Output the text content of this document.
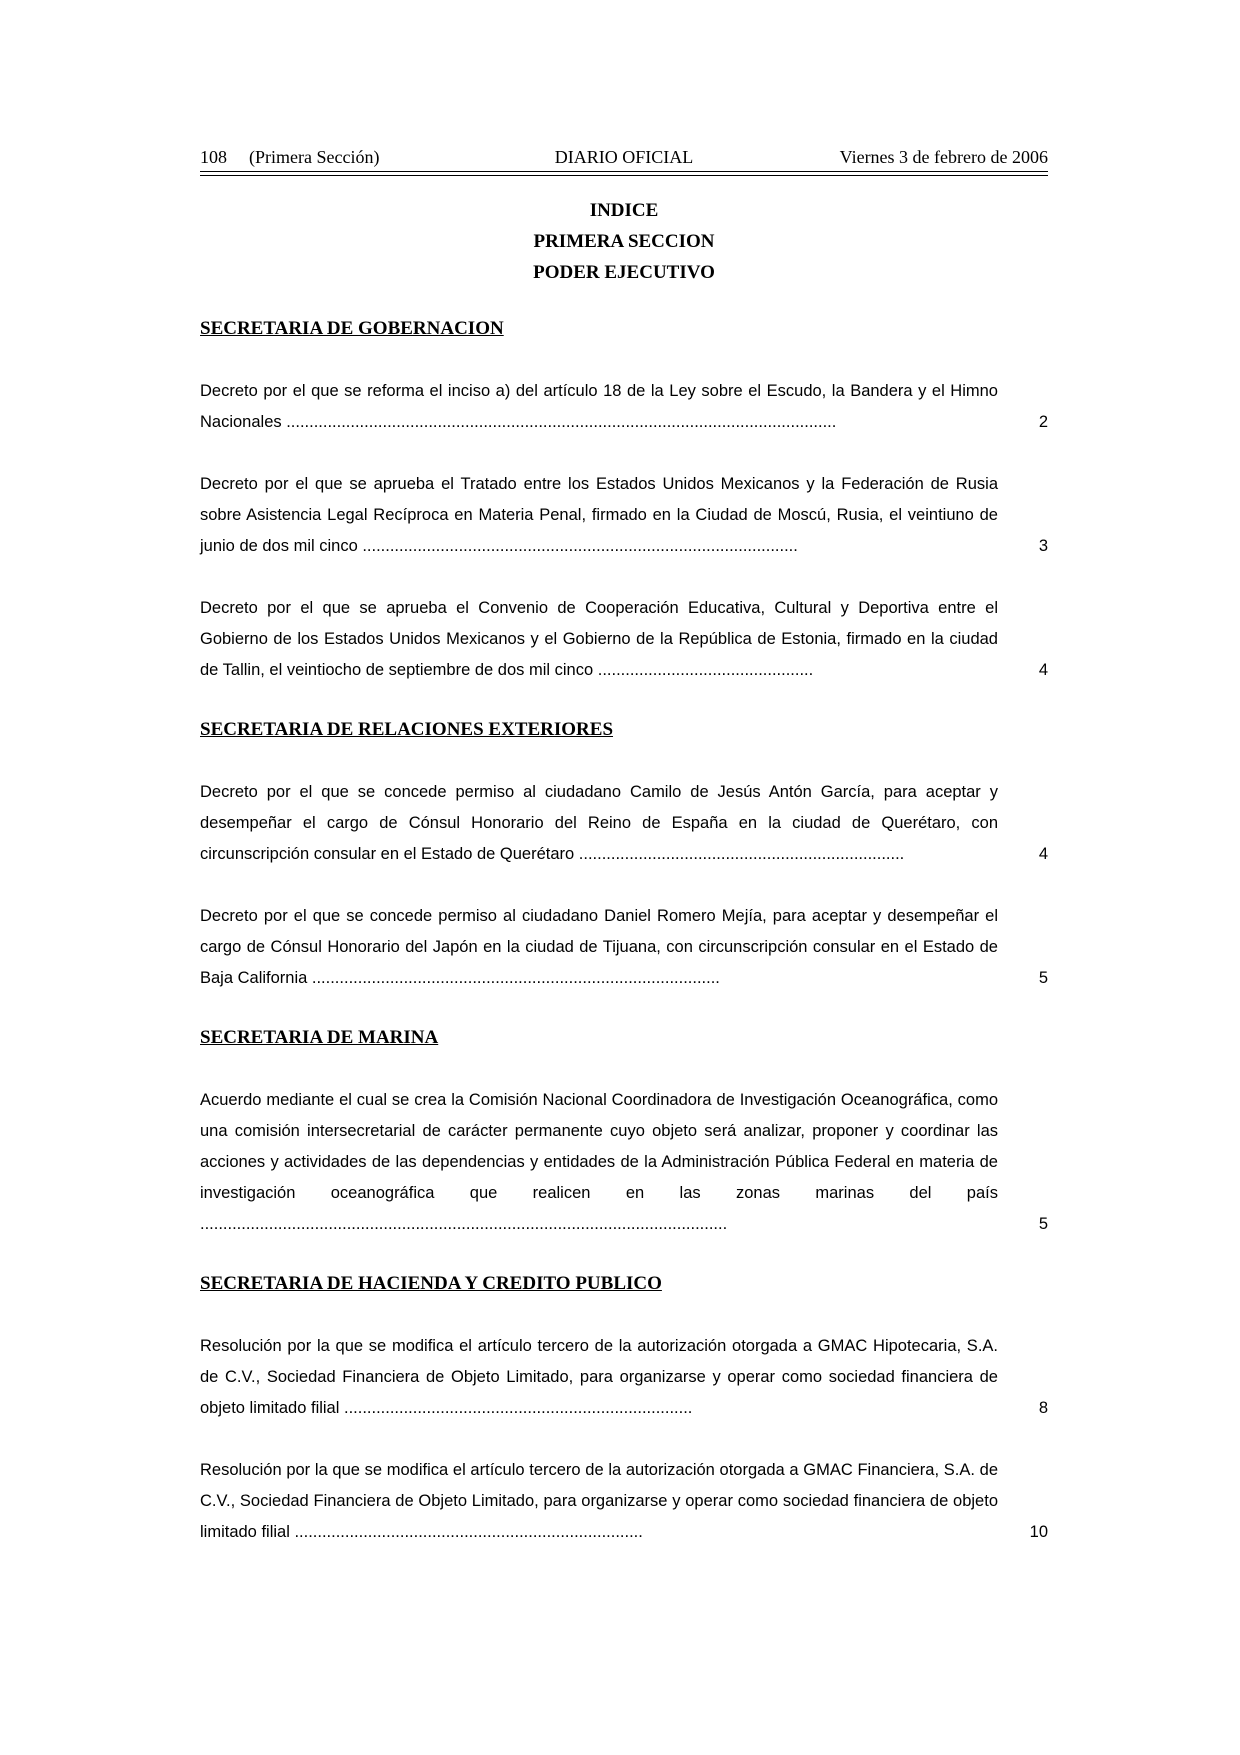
108 (Primera Sección)	DIARIO OFICIAL	Viernes 3 de febrero de 2006
INDICE
PRIMERA SECCION
PODER EJECUTIVO
SECRETARIA DE GOBERNACION
Decreto por el que se reforma el inciso a) del artículo 18 de la Ley sobre el Escudo, la Bandera y el Himno Nacionales ........................................................................................................................	2
Decreto por el que se aprueba el Tratado entre los Estados Unidos Mexicanos y la Federación de Rusia sobre Asistencia Legal Recíproca en Materia Penal, firmado en la Ciudad de Moscú, Rusia, el veintiuno de junio de dos mil cinco ...............................................................................................	3
Decreto por el que se aprueba el Convenio de Cooperación Educativa, Cultural y Deportiva entre el Gobierno de los Estados Unidos Mexicanos y el Gobierno de la República de Estonia, firmado en la ciudad de Tallin, el veintiocho de septiembre de dos mil cinco ...............................................	4
SECRETARIA DE RELACIONES EXTERIORES
Decreto por el que se concede permiso al ciudadano Camilo de Jesús Antón García, para aceptar y desempeñar el cargo de Cónsul Honorario del Reino de España en la ciudad de Querétaro, con circunscripción consular en el Estado de Querétaro .......................................................................	4
Decreto por el que se concede permiso al ciudadano Daniel Romero Mejía, para aceptar y desempeñar el cargo de Cónsul Honorario del Japón en la ciudad de Tijuana, con circunscripción consular en el Estado de Baja California .........................................................................................	5
SECRETARIA DE MARINA
Acuerdo mediante el cual se crea la Comisión Nacional Coordinadora de Investigación Oceanográfica, como una comisión intersecretarial de carácter permanente cuyo objeto será analizar, proponer y coordinar las acciones y actividades de las dependencias y entidades de la Administración Pública Federal en materia de investigación oceanográfica que realicen en las zonas marinas del país ...................................................................................................................	5
SECRETARIA DE HACIENDA Y CREDITO PUBLICO
Resolución por la que se modifica el artículo tercero de la autorización otorgada a GMAC Hipotecaria, S.A. de C.V., Sociedad Financiera de Objeto Limitado, para organizarse y operar como sociedad financiera de objeto limitado filial ............................................................................	8
Resolución por la que se modifica el artículo tercero de la autorización otorgada a GMAC Financiera, S.A. de C.V., Sociedad Financiera de Objeto Limitado, para organizarse y operar como sociedad financiera de objeto limitado filial ............................................................................	10
